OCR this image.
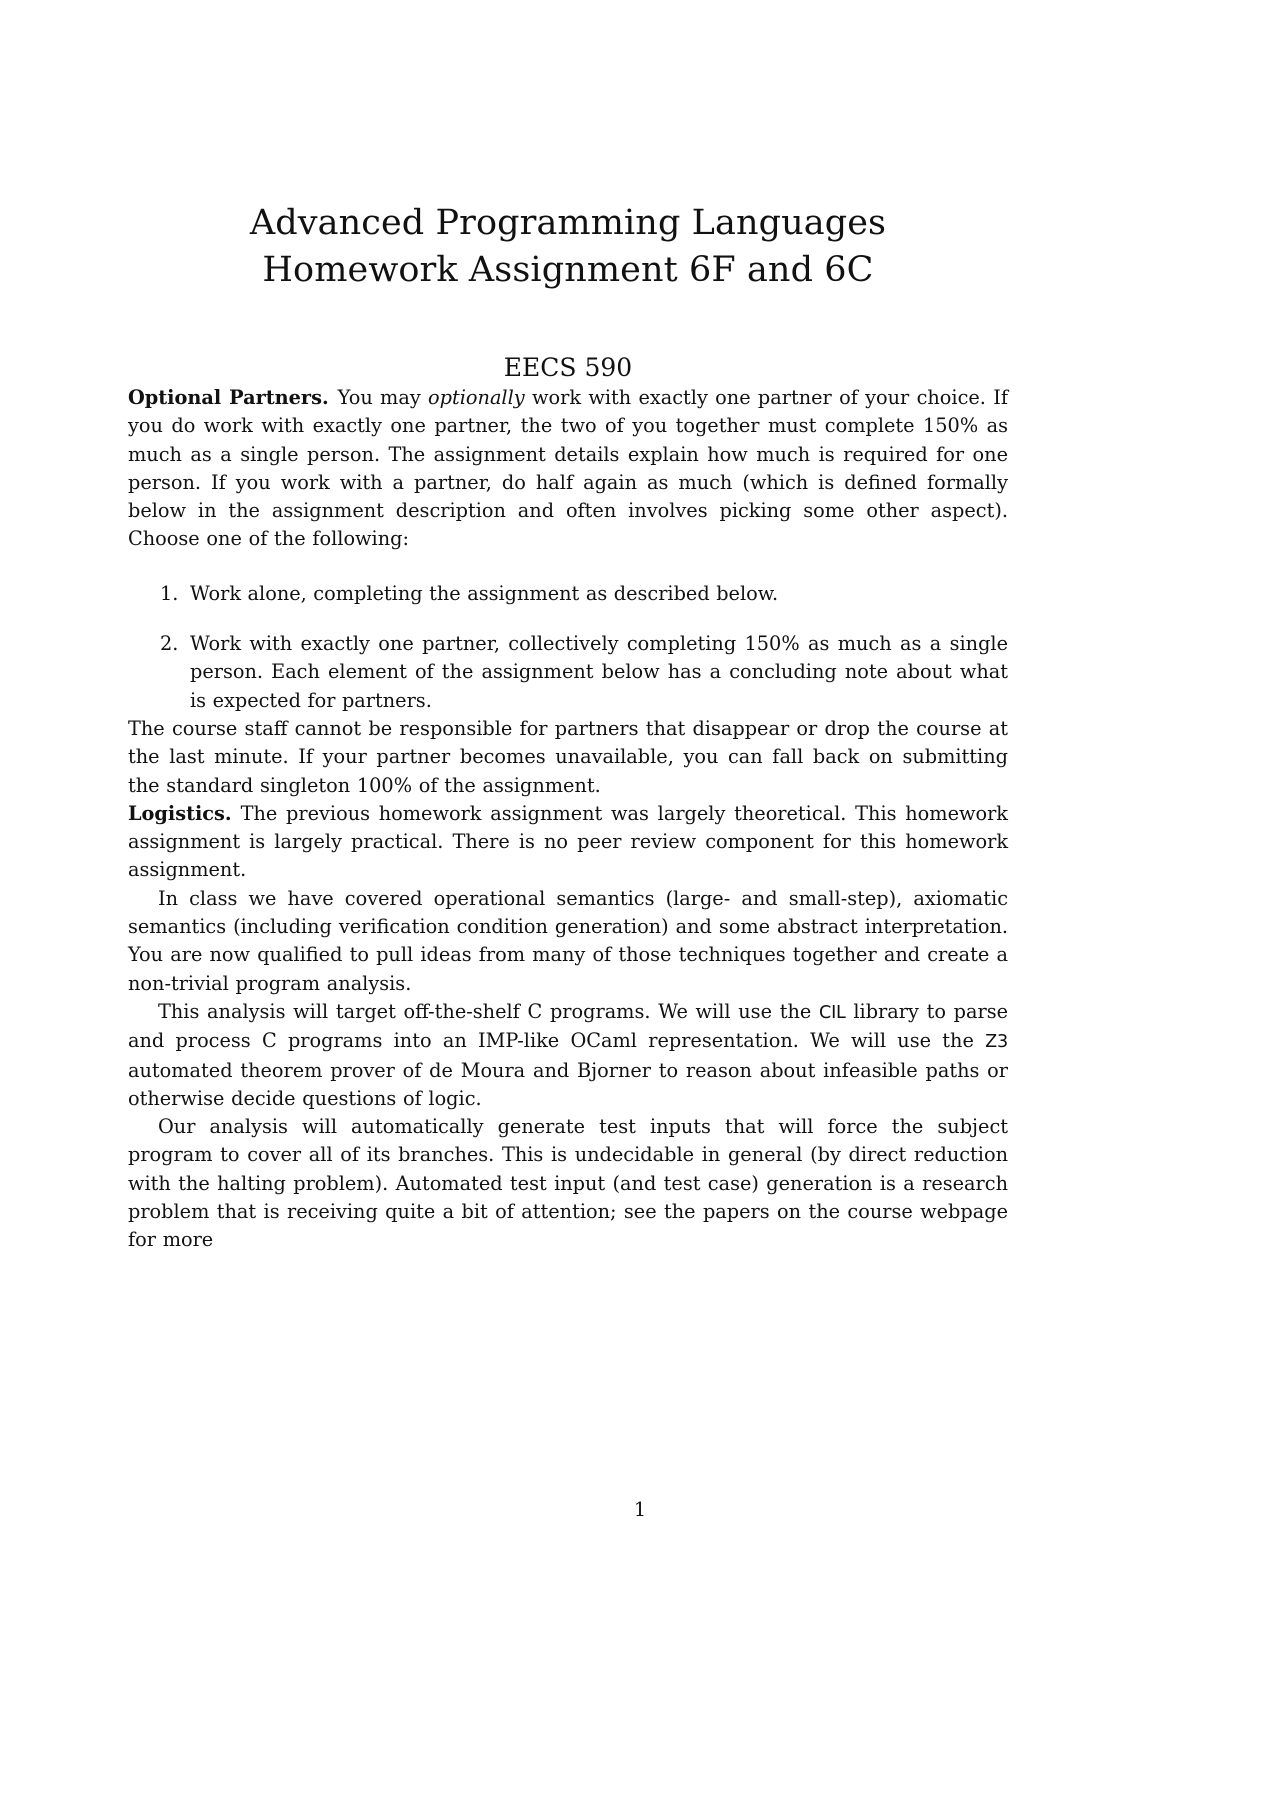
Advanced Programming Languages
Homework Assignment 6F and 6C
EECS 590

Optional Partners. You may optionally work with exactly one partner of your choice. If you do work with exactly one partner, the two of you together must complete 150% as much as a single person. The assignment details explain how much is required for one person. If you work with a partner, do half again as much (which is defined formally below in the assignment description and often involves picking some other aspect). Choose one of the following:

1. Work alone, completing the assignment as described below.
2. Work with exactly one partner, collectively completing 150% as much as a single person. Each element of the assignment below has a concluding note about what is expected for partners.

The course staff cannot be responsible for partners that disappear or drop the course at the last minute. If your partner becomes unavailable, you can fall back on submitting the standard singleton 100% of the assignment.

Logistics. The previous homework assignment was largely theoretical. This homework assignment is largely practical. There is no peer review component for this homework assignment.

In class we have covered operational semantics (large- and small-step), axiomatic semantics (including verification condition generation) and some abstract interpretation. You are now qualified to pull ideas from many of those techniques together and create a non-trivial program analysis.

This analysis will target off-the-shelf C programs. We will use the CIL library to parse and process C programs into an IMP-like OCaml representation. We will use the Z3 automated theorem prover of de Moura and Bjorner to reason about infeasible paths or otherwise decide questions of logic.

Our analysis will automatically generate test inputs that will force the subject program to cover all of its branches. This is undecidable in general (by direct reduction with the halting problem). Automated test input (and test case) generation is a research problem that is receiving quite a bit of attention; see the papers on the course webpage for more

1
